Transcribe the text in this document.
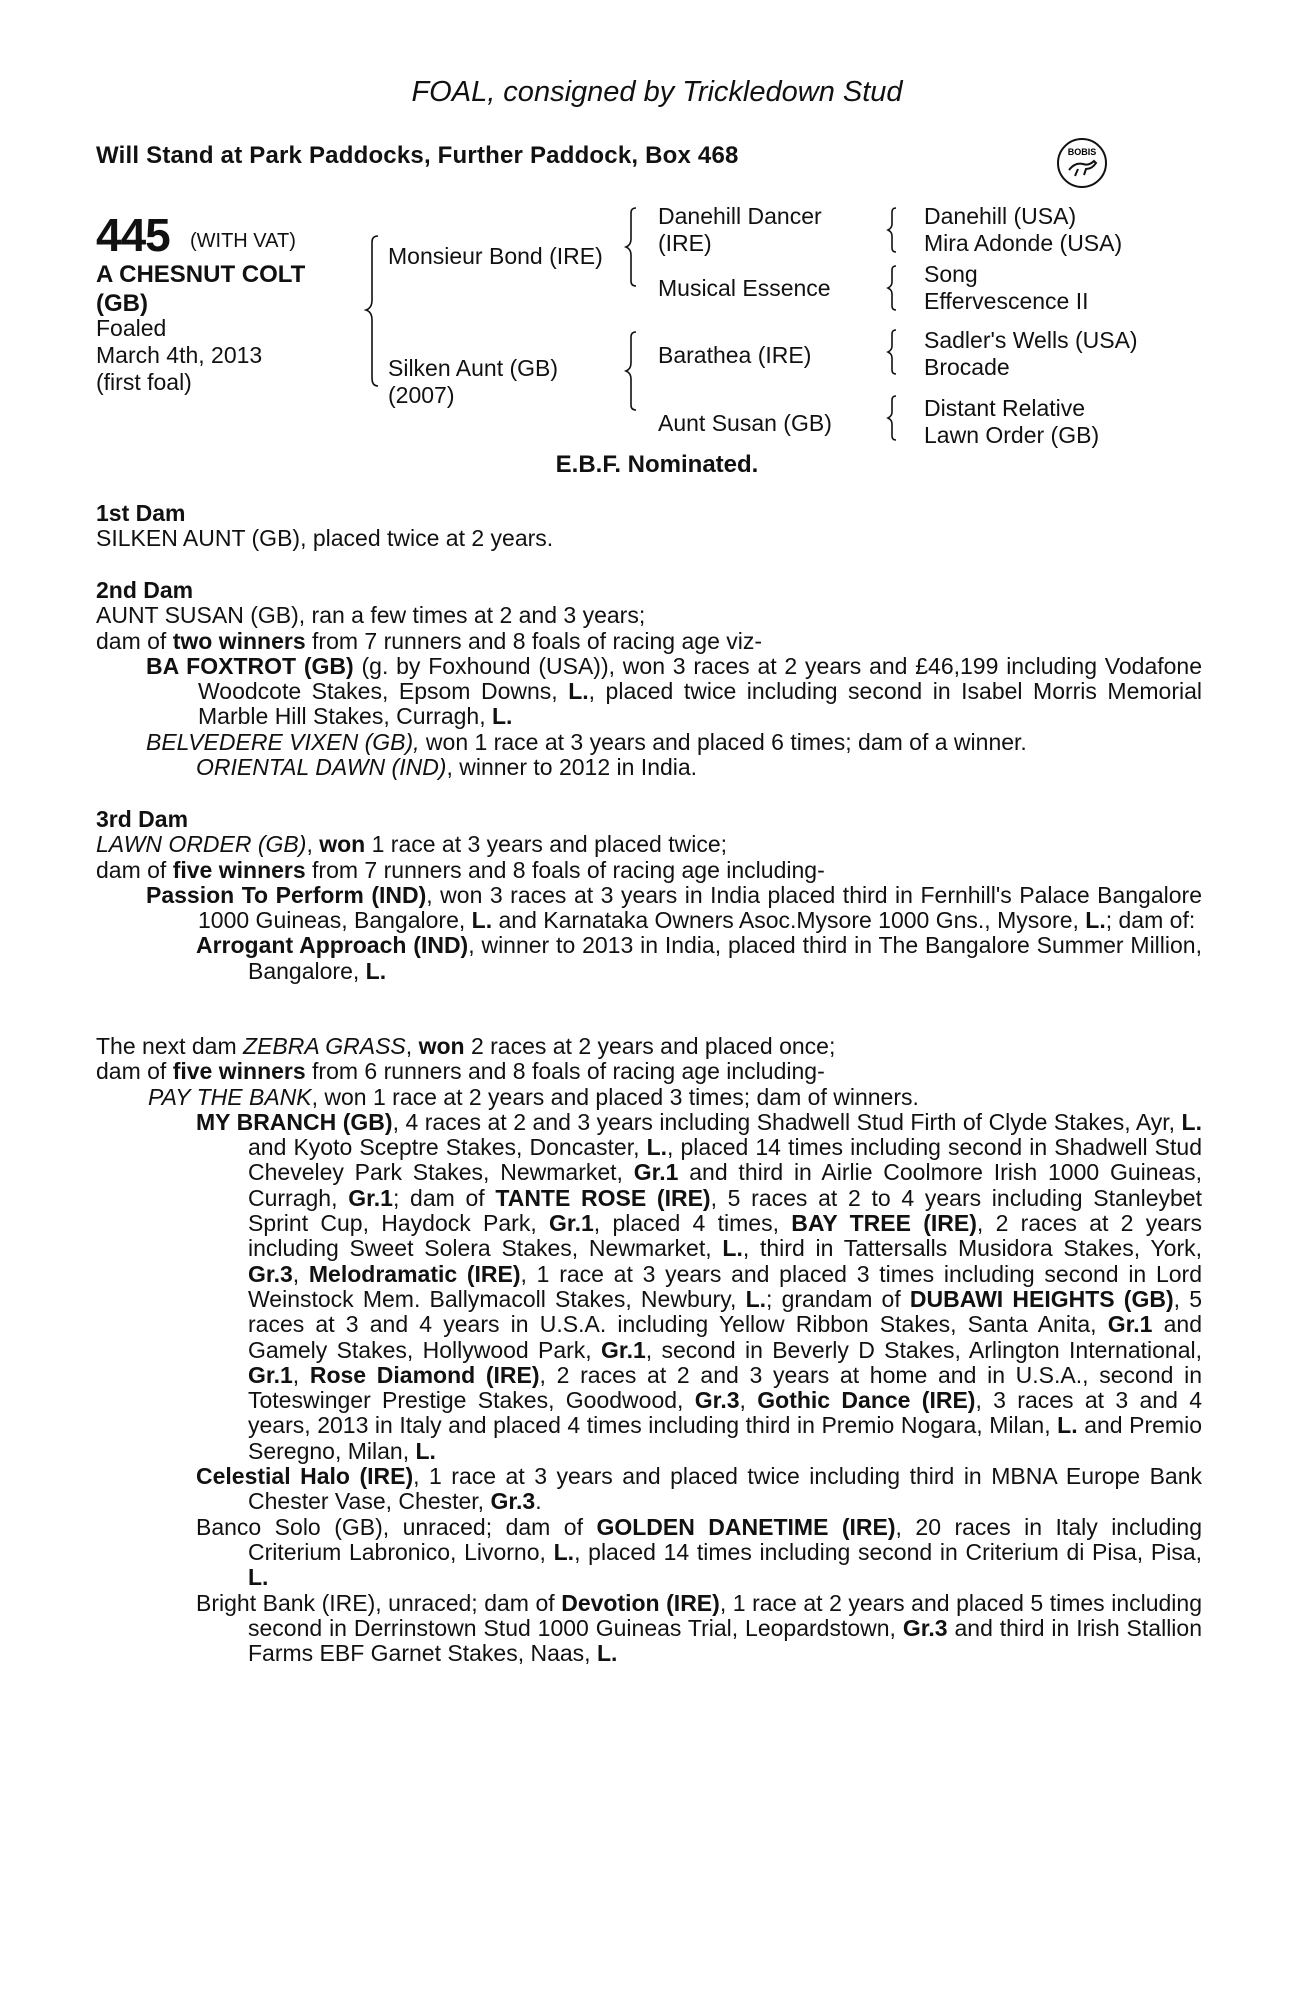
FOAL, consigned by Trickledown Stud
Will Stand at Park Paddocks, Further Paddock, Box 468	BOBIS
445 (WITH VAT)
A CHESNUT COLT (GB)
Foaled
March 4th, 2013
(first foal)
Monsieur Bond (IRE)
Silken Aunt (GB)
(2007)
Danehill Dancer
(IRE)
Musical Essence
Barathea (IRE)
Aunt Susan (GB)
Danehill (USA)
Mira Adonde (USA)
Song
Effervescence II
Sadler's Wells (USA)
Brocade
Distant Relative
Lawn Order (GB)
E.B.F. Nominated.

1st Dam

SILKEN AUNT (GB), placed twice at 2 years.

2nd Dam

AUNT SUSAN (GB), ran a few times at 2 and 3 years;

dam of two winners from 7 runners and 8 foals of racing age viz-

BA FOXTROT (GB) (g. by Foxhound (USA)), won 3 races at 2 years and £46,199 including Vodafone Woodcote Stakes, Epsom Downs, L., placed twice including second in Isabel Morris Memorial Marble Hill Stakes, Curragh, L.

BELVEDERE VIXEN (GB), won 1 race at 3 years and placed 6 times; dam of a winner.

ORIENTAL DAWN (IND), winner to 2012 in India.

3rd Dam

LAWN ORDER (GB), won 1 race at 3 years and placed twice;

dam of five winners from 7 runners and 8 foals of racing age including-

Passion To Perform (IND), won 3 races at 3 years in India placed third in Fernhill's Palace Bangalore 1000 Guineas, Bangalore, L. and Karnataka Owners Asoc.Mysore 1000 Gns., Mysore, L.; dam of:

Arrogant Approach (IND), winner to 2013 in India, placed third in The Bangalore Summer Million, Bangalore, L.

The next dam ZEBRA GRASS, won 2 races at 2 years and placed once;

dam of five winners from 6 runners and 8 foals of racing age including-

PAY THE BANK, won 1 race at 2 years and placed 3 times; dam of winners.

MY BRANCH (GB), 4 races at 2 and 3 years including Shadwell Stud Firth of Clyde Stakes, Ayr, L. and Kyoto Sceptre Stakes, Doncaster, L., placed 14 times including second in Shadwell Stud Cheveley Park Stakes, Newmarket, Gr.1 and third in Airlie Coolmore Irish 1000 Guineas, Curragh, Gr.1; dam of TANTE ROSE (IRE), 5 races at 2 to 4 years including Stanleybet Sprint Cup, Haydock Park, Gr.1, placed 4 times, BAY TREE (IRE), 2 races at 2 years including Sweet Solera Stakes, Newmarket, L., third in Tattersalls Musidora Stakes, York, Gr.3, Melodramatic (IRE), 1 race at 3 years and placed 3 times including second in Lord Weinstock Mem. Ballymacoll Stakes, Newbury, L.; grandam of DUBAWI HEIGHTS (GB), 5 races at 3 and 4 years in U.S.A. including Yellow Ribbon Stakes, Santa Anita, Gr.1 and Gamely Stakes, Hollywood Park, Gr.1, second in Beverly D Stakes, Arlington International, Gr.1, Rose Diamond (IRE), 2 races at 2 and 3 years at home and in U.S.A., second in Toteswinger Prestige Stakes, Goodwood, Gr.3, Gothic Dance (IRE), 3 races at 3 and 4 years, 2013 in Italy and placed 4 times including third in Premio Nogara, Milan, L. and Premio Seregno, Milan, L.

Celestial Halo (IRE), 1 race at 3 years and placed twice including third in MBNA Europe Bank Chester Vase, Chester, Gr.3.

Banco Solo (GB), unraced; dam of GOLDEN DANETIME (IRE), 20 races in Italy including Criterium Labronico, Livorno, L., placed 14 times including second in Criterium di Pisa, Pisa, L.

Bright Bank (IRE), unraced; dam of Devotion (IRE), 1 race at 2 years and placed 5 times including second in Derrinstown Stud 1000 Guineas Trial, Leopardstown, Gr.3 and third in Irish Stallion Farms EBF Garnet Stakes, Naas, L.
